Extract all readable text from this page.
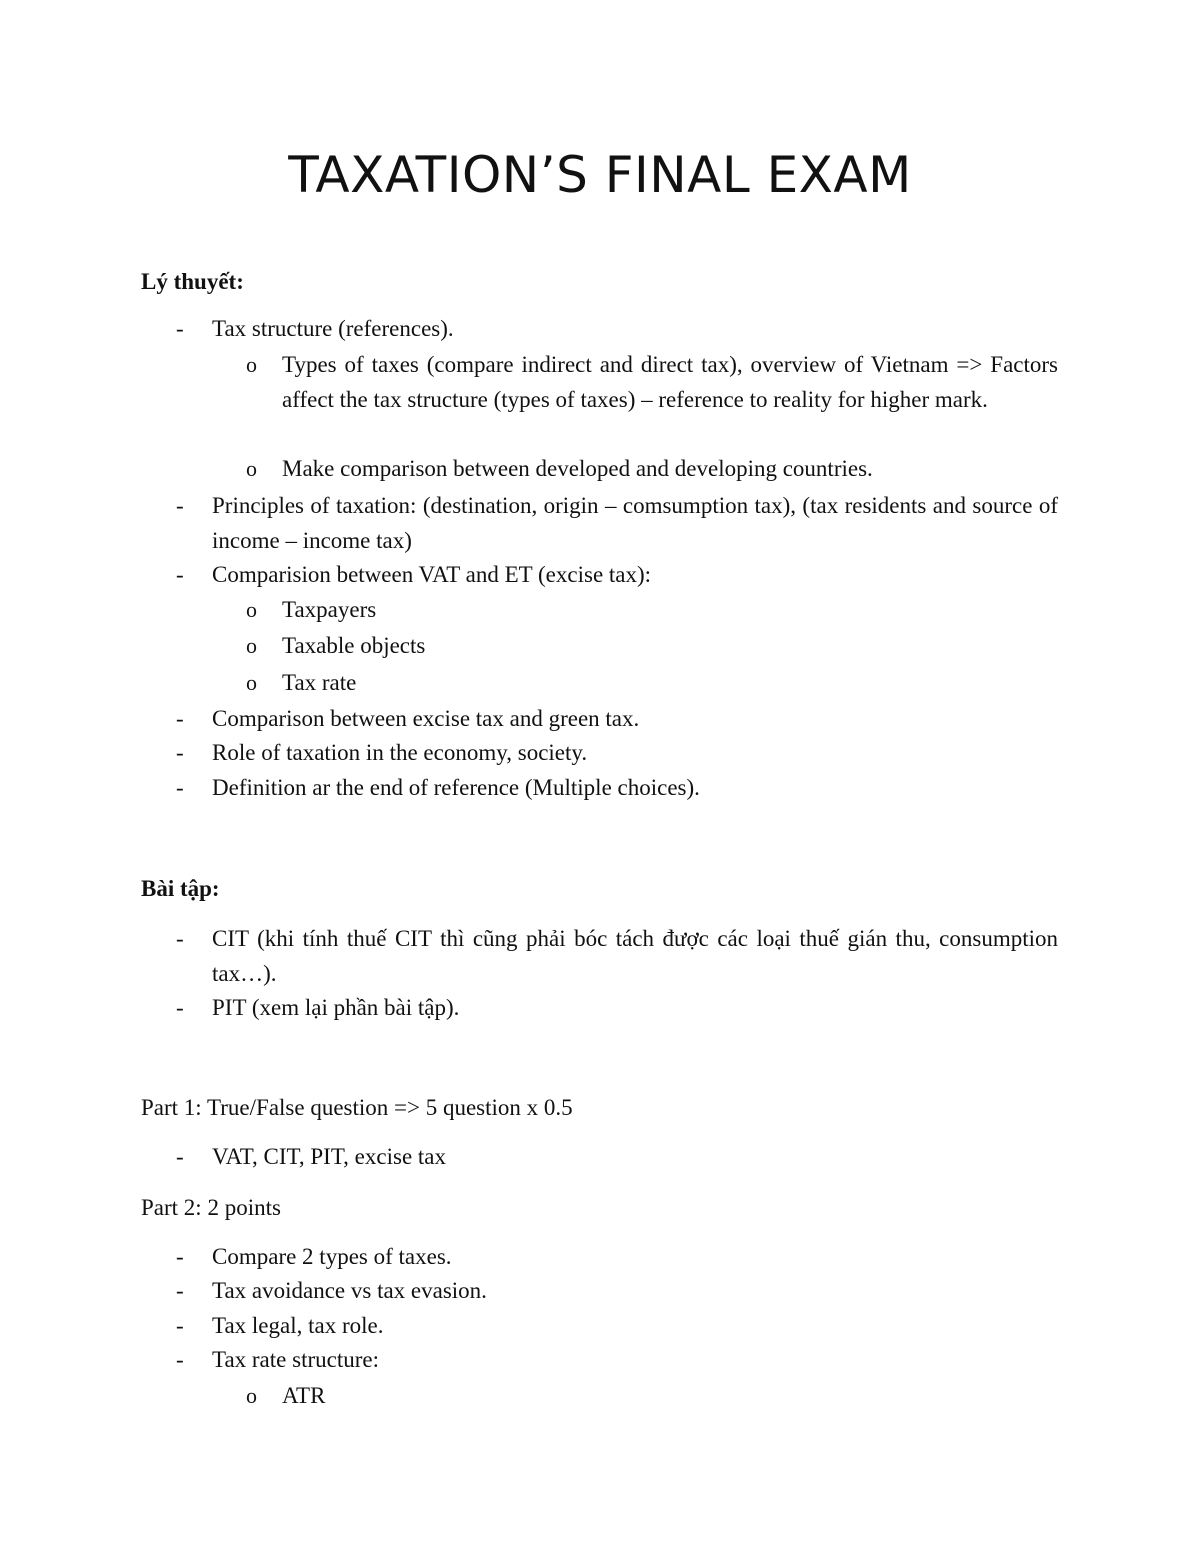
TAXATION’S FINAL EXAM

Lý thuyết:

-	Tax structure (references).
o	Types of taxes (compare indirect and direct tax), overview of Vietnam => Factors affect the tax structure (types of taxes) – reference to reality for higher mark.
o	Make comparison between developed and developing countries.
-	Principles of taxation: (destination, origin – comsumption tax), (tax residents and source of income – income tax)
-	Comparision between VAT and ET (excise tax):
o	Taxpayers
o	Taxable objects
o	Tax rate
-	Comparison between excise tax and green tax.
-	Role of taxation in the economy, society.
-	Definition ar the end of reference (Multiple choices).

Bài tập:

-	CIT (khi tính thuế CIT thì cũng phải bóc tách được các loại thuế gián thu, consumption tax…).
-	PIT (xem lại phần bài tập).

Part 1: True/False question => 5 question x 0.5

-	VAT, CIT, PIT, excise tax

Part 2: 2 points

-	Compare 2 types of taxes.
-	Tax avoidance vs tax evasion.
-	Tax legal, tax role.
-	Tax rate structure:
o	ATR
